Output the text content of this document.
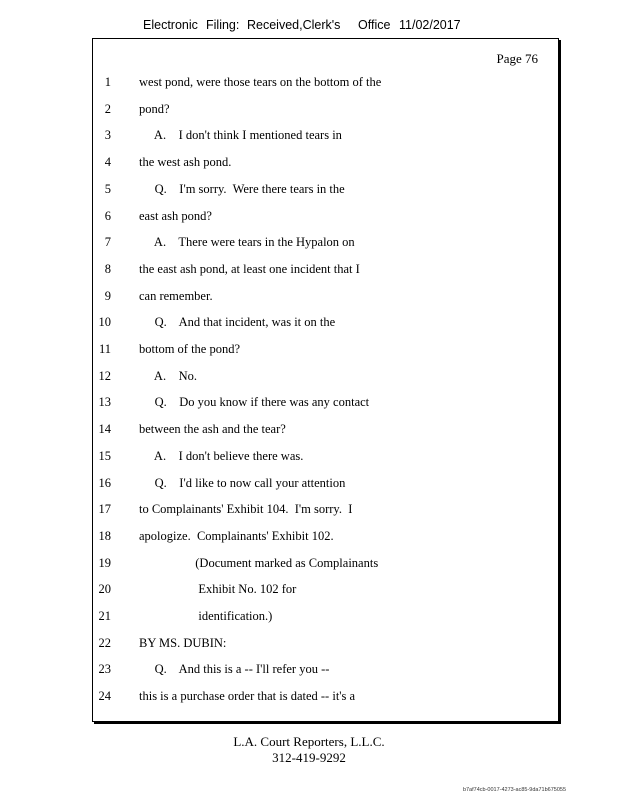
Electronic Filing: Received,Clerk's Office 11/02/2017
Page 76
1 west pond, were those tears on the bottom of the
2 pond?
3 A.    I don't think I mentioned tears in
4 the west ash pond.
5 Q.    I'm sorry.  Were there tears in the
6 east ash pond?
7 A.    There were tears in the Hypalon on
8 the east ash pond, at least one incident that I
9 can remember.
10 Q.    And that incident, was it on the
11 bottom of the pond?
12 A.    No.
13 Q.    Do you know if there was any contact
14 between the ash and the tear?
15 A.    I don't believe there was.
16 Q.    I'd like to now call your attention
17 to Complainants' Exhibit 104.  I'm sorry.  I
18 apologize.  Complainants' Exhibit 102.
19 (Document marked as Complainants
20 Exhibit No. 102 for
21 identification.)
22 BY MS. DUBIN:
23 Q.    And this is a -- I'll refer you --
24 this is a purchase order that is dated -- it's a
L.A. Court Reporters, L.L.C.
312-419-9292
b7af74cb-0017-4273-ac85-9da71b675055
